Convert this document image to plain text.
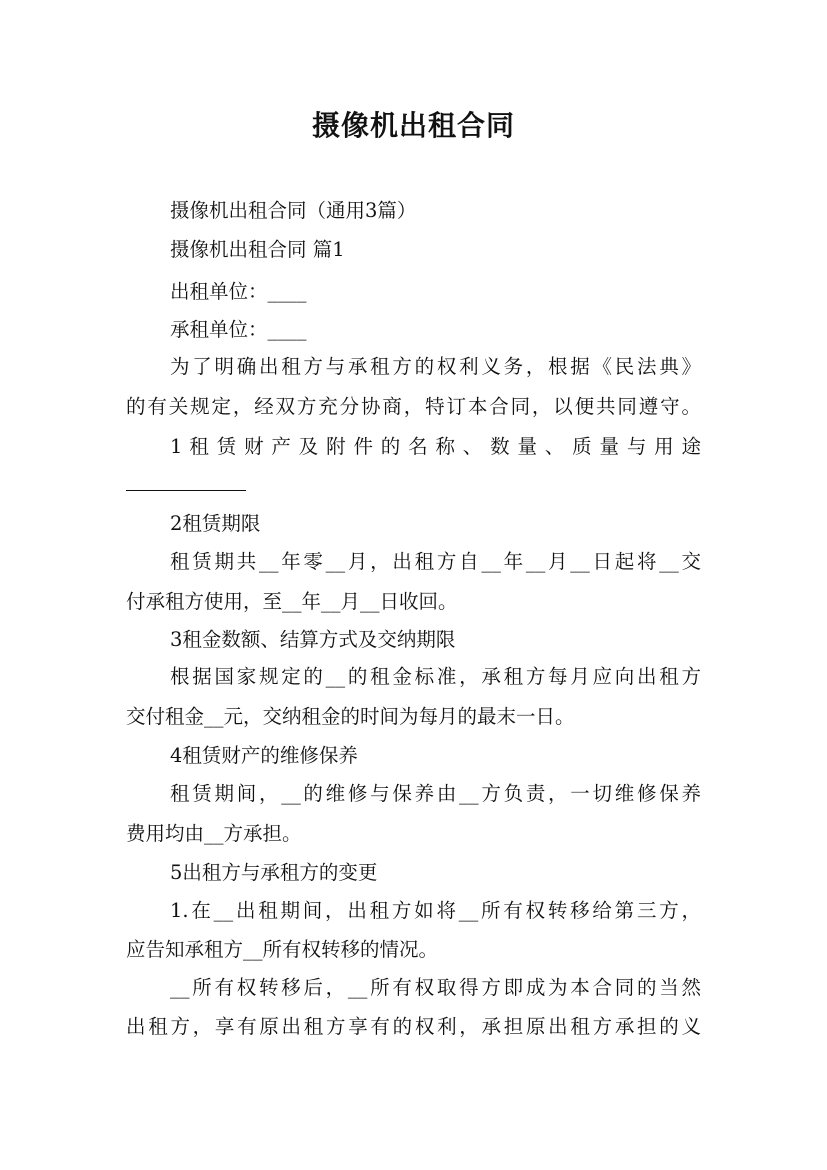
摄像机出租合同
摄像机出租合同（通用3篇）
摄像机出租合同 篇1
出租单位：____
承租单位：____
为了明确出租方与承租方的权利义务，根据《民法典》
的有关规定，经双方充分协商，特订本合同，以便共同遵守。
1 租 赁 财 产 及 附 件 的 名 称 、 数 量 、 质 量 与 用 途
2租赁期限
租赁期共__年零__月，出租方自__年__月__日起将__交
付承租方使用，至__年__月__日收回。
3租金数额、结算方式及交纳期限
根据国家规定的__的租金标准，承租方每月应向出租方
交付租金__元，交纳租金的时间为每月的最末一日。
4租赁财产的维修保养
租赁期间，__的维修与保养由__方负责，一切维修保养
费用均由__方承担。
5出租方与承租方的变更
1.在__出租期间，出租方如将__所有权转移给第三方，
应告知承租方__所有权转移的情况。
__所有权转移后，__所有权取得方即成为本合同的当然
出租方，享有原出租方享有的权利，承担原出租方承担的义
